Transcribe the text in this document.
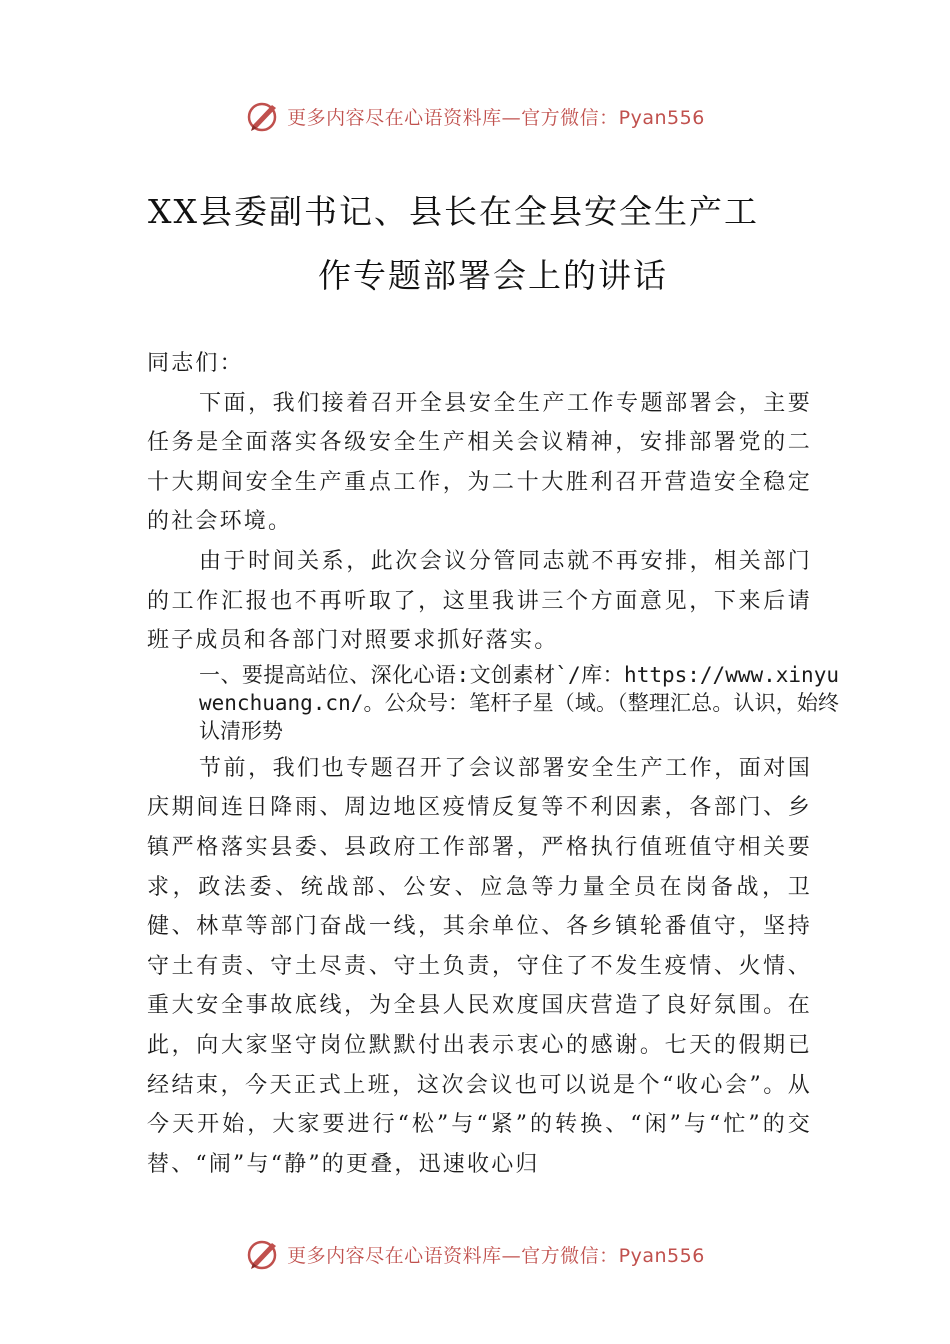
更多内容尽在心语资料库—官方微信：Pyan556
XX县委副书记、县长在全县安全生产工
作专题部署会上的讲话

同志们：

下面，我们接着召开全县安全生产工作专题部署会，主要任务是全面落实各级安全生产相关会议精神，安排部署党的二十大期间安全生产重点工作，为二十大胜利召开营造安全稳定的社会环境。

由于时间关系，此次会议分管同志就不再安排，相关部门的工作汇报也不再听取了，这里我讲三个方面意见，下来后请班子成员和各部门对照要求抓好落实。

一、要提高站位、深化心语:文创素材`/库：https://www.xinyuwenchuang.cn/。公众号：笔杆子星（域。（整理汇总。认识，始终认清形势

节前，我们也专题召开了会议部署安全生产工作，面对国庆期间连日降雨、周边地区疫情反复等不利因素，各部门、乡镇严格落实县委、县政府工作部署，严格执行值班值守相关要求，政法委、统战部、公安、应急等力量全员在岗备战，卫健、林草等部门奋战一线，其余单位、各乡镇轮番值守，坚持守土有责、守土尽责、守土负责，守住了不发生疫情、火情、重大安全事故底线，为全县人民欢度国庆营造了良好氛围。在此，向大家坚守岗位默默付出表示衷心的感谢。七天的假期已经结束，今天正式上班，这次会议也可以说是个“收心会”。从今天开始，大家要进行“松”与“紧”的转换、“闲”与“忙”的交替、“闹”与“静”的更叠，迅速收心归

更多内容尽在心语资料库—官方微信：Pyan556
